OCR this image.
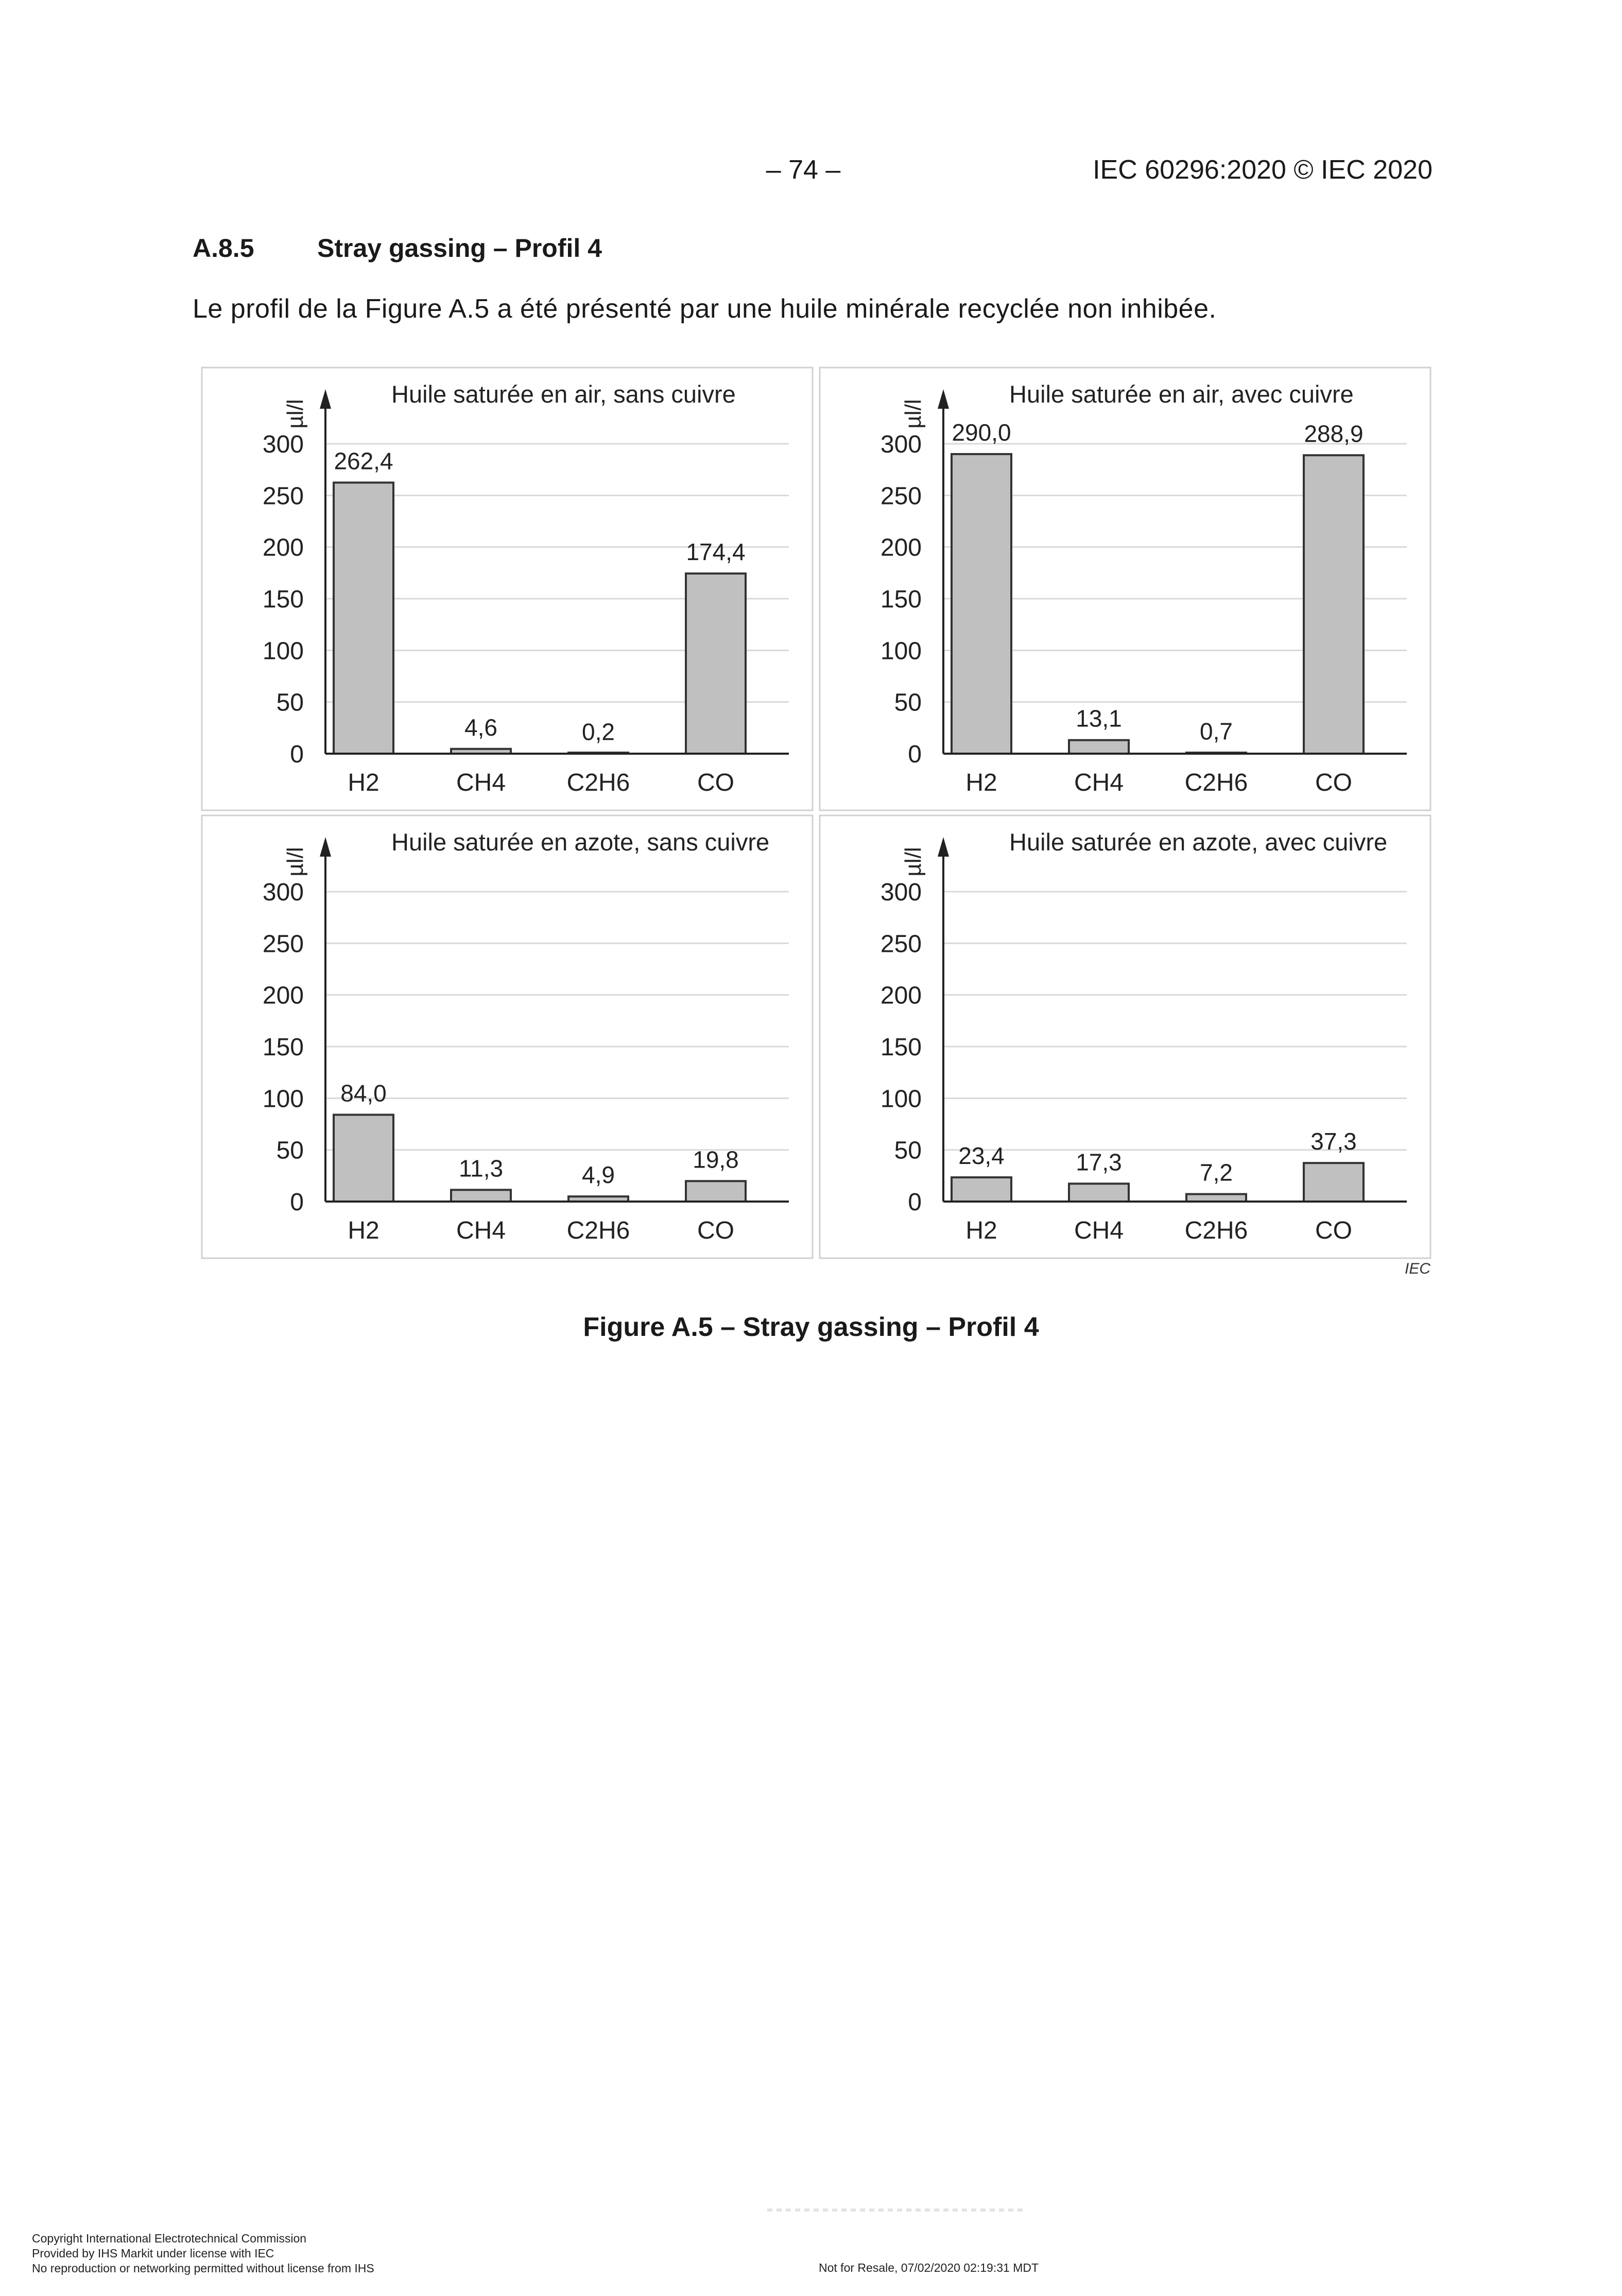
– 74 –	IEC 60296:2020 © IEC 2020
A.8.5 Stray gassing – Profil 4
Le profil de la Figure A.5 a été présenté par une huile minérale recyclée non inhibée.
0
50
100
150
200
250
300
µl/l
Huile saturée en air, sans cuivre
262,4
H2
4,6
CH4
0,2
C2H6
174,4
CO
0
50
100
150
200
250
300
µl/l
Huile saturée en air, avec cuivre
290,0
H2
13,1
CH4
0,7
C2H6
288,9
CO
0
50
100
150
200
250
300
µl/l
Huile saturée en azote, sans cuivre
84,0
H2
11,3
CH4
4,9
C2H6
19,8
CO
0
50
100
150
200
250
300
µl/l
Huile saturée en azote, avec cuivre
23,4
H2
17,3
CH4
7,2
C2H6
37,3
CO
IEC
Figure A.5 – Stray gassing – Profil 4
Copyright International Electrotechnical Commission
Provided by IHS Markit under license with IEC
No reproduction or networking permitted without license from IHS	Not for Resale, 07/02/2020 02:19:31 MDT
